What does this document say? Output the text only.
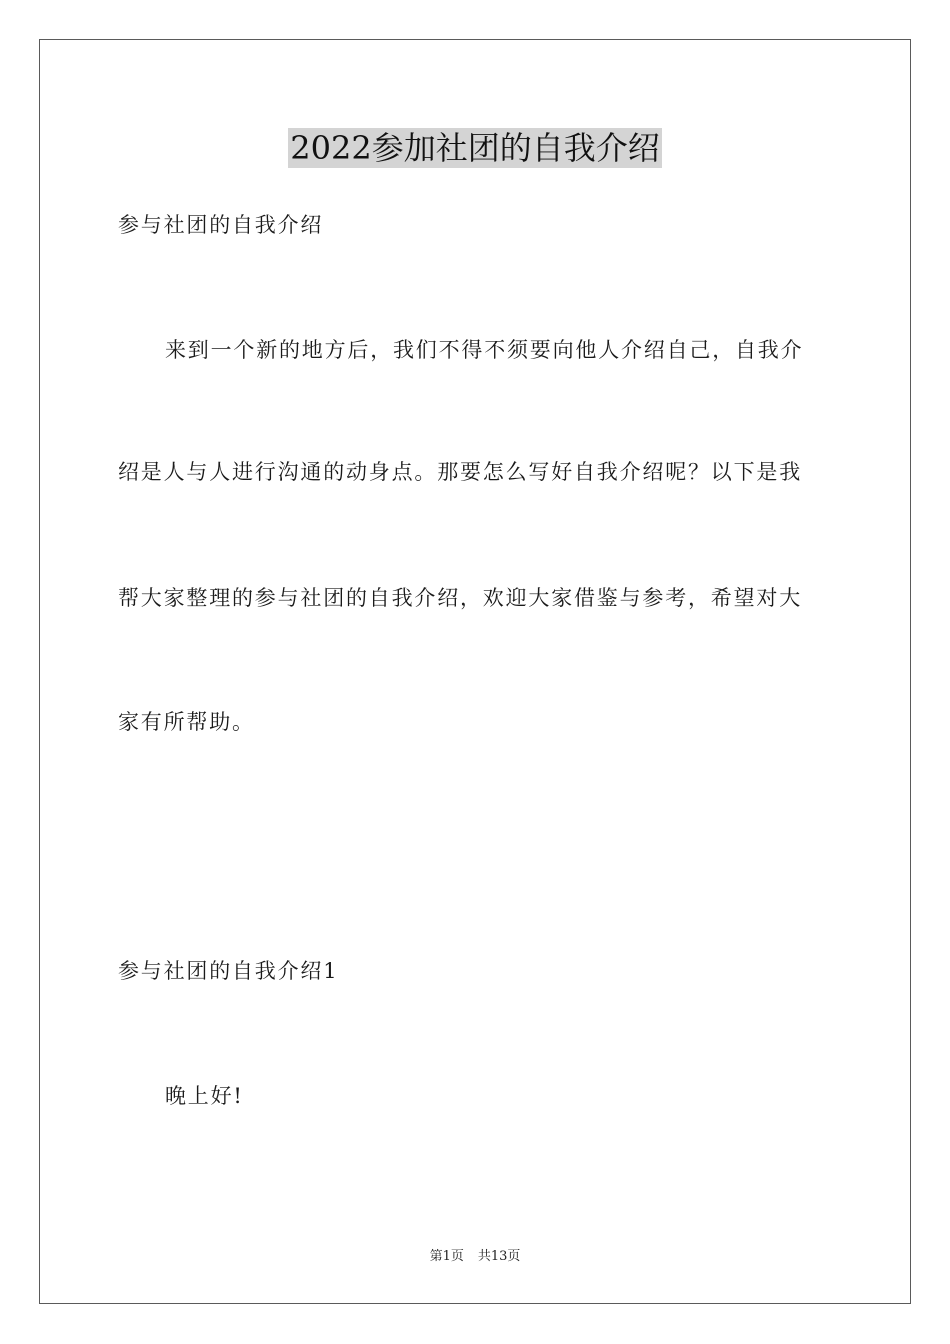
2022参加社团的自我介绍
参与社团的自我介绍
来到一个新的地方后，我们不得不须要向他人介绍自己，自我介
绍是人与人进行沟通的动身点。那要怎么写好自我介绍呢？以下是我
帮大家整理的参与社团的自我介绍，欢迎大家借鉴与参考，希望对大
家有所帮助。
参与社团的自我介绍1
晚上好!
第1页 共13页
